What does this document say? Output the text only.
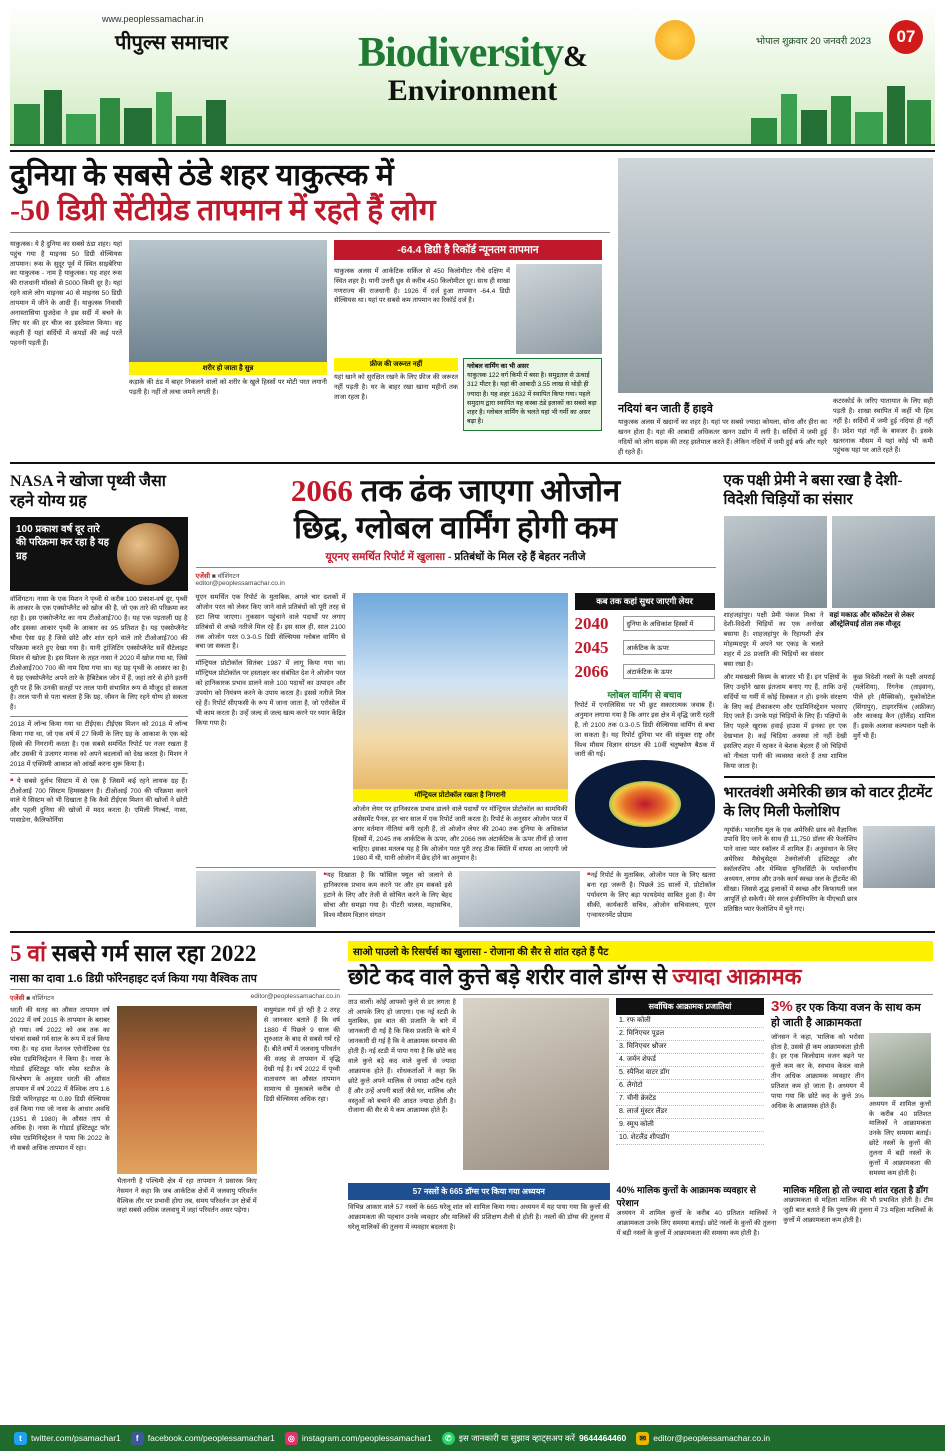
www.peoplessamachar.in
पीपुल्स समाचार	Biodiversity&
Environment
भोपाल शुक्रवार 20 जनवरी 2023	07
दुनिया के सबसे ठंडे शहर याकुत्स्क में
-50 डिग्री सेंटीग्रेड तापमान में रहते हैं लोग
याकुत्स्क। ये है दुनिया का सबसे ठंडा शहर। यहां पहुंच गया है माइनस 50 डिग्री सेल्सियस तापमान। रूस के सुदूर पूर्व में स्थित साइबेरिया का याकुत्स्क - नाम है याकुत्स्क। यह शहर रूस की राजधानी मॉस्को से 5000 किमी दूर है। यहां रहने वाले लोग माइनस 40 से माइनस 50 डिग्री तापमान में जीने के आदी हैं। याकुत्स्क निवासी अनास्तासिया ग्रुजदेवा ने इस सर्दी में बचने के लिए घर की हर चीज का इस्तेमाल किया। वह कहती हैं यहां सर्दियों में कपड़ों की कई परतें पहननी पड़ती हैं।
शरीर हो जाता है सुन्न
कड़ाके की ठंड में बाहर निकलने वालों को शरीर के खुले हिस्सों पर मोटी परत लगानी पड़ती है। नहीं तो त्वचा जमने लगती है।
-64.4 डिग्री है रिकॉर्ड न्यूनतम तापमान
याकुत्स्क अलस में आर्कटिक सर्किल से 450 किलोमीटर नीचे दक्षिण में स्थित शहर है। यानी उत्तरी ध्रुव से करीब 450 किलोमीटर दूर। साथ ही साखा गणराज्य की राजधानी है। 1926 में दर्ज हुआ तापमान -64.4 डिग्री सेल्सियस था। यहां पर सबसे कम तापमान का रिकॉर्ड दर्ज है।
फ्रीज की जरूरत नहीं
यहां खाने को सुरक्षित रखने के लिए फ्रीज की जरूरत नहीं पड़ती है। घर के बाहर रखा खाना महीनों तक ताजा रहता है।
ग्लोबल वार्मिंग का भी असर
याकुत्स्क 122 वर्ग किमी में बसा है। समुद्रतल से ऊंचाई 312 मीटर है। यहां की आबादी 3.55 लाख से थोड़ी ही ज्यादा है। यह शहर 1632 में स्थापित किया गया। पहले समुदाय द्वारा स्थापित यह कस्बा ठंडे इलाकों का सबसे बड़ा शहर है। ग्लोबल वार्मिंग के चलते यहां भी गर्मी का असर बढ़ा है।
नदियां बन जाती हैं हाइवे
याकुत्स्क अलस में खदानों का शहर है। यहां पर सबसे ज्यादा कोयला, सोना और हीरा का खनन होता है। यहां की आबादी अधिकतर खनन उद्योग में लगी है। सर्दियों में जमी हुई नदियों को लोग सड़क की तरह इस्तेमाल करते हैं। लेकिन नदियों में जमी हुई बर्फ और गहरे ही रहते हैं।
कटरकोर्ड के जरिए यातायात के लिए सही पड़ती है। शाखा स्थापित में कहीं भी हिम नहीं है। सर्दियों में जमी हुई नदियां ही नहीं है। प्रदेश यहां नहीं के बावजर है। इसके खतरनाक मौसम में यहां कोई भी कमी पहुंचक यहां पर आते रहते हैं।
NASA ने खोजा पृथ्वी जैसा रहने योग्य ग्रह
100 प्रकाश वर्ष दूर तारे की परिक्रमा कर रहा है यह ग्रह
वॉशिंगटन। नासा के एक मिशन ने पृथ्वी से करीब 100 प्रकाश-वर्ष दूर, पृथ्वी के आकार के एक एक्सोप्लैनेट को खोज की है, जो एक तारे की परिक्रमा कर रहा है। इस एक्सोप्लैनेट का नाम टीओआई700 है। यह एक पड़ताली ग्रह है और इसका आकार पृथ्वी के आकार का 95 प्रतिशत है। यह एक्सोप्लैनेट चौथा ऐसा ग्रह है जिसे छोटे और शांत रहने वाले तारे टीओआई700 की परिक्रमा करते हुए देखा गया है। यानी ट्रांजिटिंग एक्सोप्लैनेट सर्वे सैटेलाइट मिशन से खोजा है। इस मिशन के तहत नासा ने 2020 में खोज गया था, जिसे टीओआई700 700 की नाम दिया गया था। यह ग्रह पृथ्वी के आकार का है। ये ग्रह एक्सोप्लैनेट अपने तारे के हैबिटेबल जोन में हैं, जहां तारे से होने इतनी दूरी पर हैं कि उनकी सतहों पर तरल पानी संभावित रूप से मौजूद हो सकता है। तरल पानी से पता चलता है कि ग्रह, जीवन के लिए रहने योग्य हो सकता है।
2018 में लॉन्च किया गया था टीईएस। टीईएस मिशन को 2018 में लॉन्च किया गया था, जो एक वर्ष में 27 किमी के लिए ग्रह के आकाश के एक बड़े हिस्से की निगरानी करता है। एक सबसे समर्थित रिपोर्ट पर नजर रखता है और उसकी ये उजागर मानक को अपने बदलावों को देख करता है। मिशन ने 2018 में एक्जिमी आकाश को आंखों करना शुरू किया है।
❝ ये सबसे दुर्लभ सिस्टम में से एक है जिसमें कई रहने लायक ग्रह हैं। टीओआई 700 सिस्टम हिमस्खलन है। टीओआई 700 की परिक्रमा करने वाले ये सिस्टम को भी दिखाता है कि कैसे टीईएस मिशन की खोजों ने छोटी और पहली दुनिया की खोजों में मदद करता है। एमिली गिल्बर्ट, नासा, पासाडेना, कैलिफोर्निया
2066 तक ढंक जाएगा ओजोन
छिद्र, ग्लोबल वार्मिंग होगी कम
यूएनए समर्थित रिपोर्ट में खुलासा - प्रतिबंधों के मिल रहे हैं बेहतर नतीजे
एजेंसी ■ वॉशिंगटन
editor@peoplessamachar.co.in
यूएन समर्थित एक रिपोर्ट के मुताबिक, अगले चार दशकों में ओजोन परत को लेकर किए जाने वाले प्रतिबंधों को पूरी तरह से हटा लिया जाएगा। नुकसान पहुंचाने वाले पदार्थों पर लगाए प्रतिबंधों से अच्छे नतीजे मिल रहे हैं। इस साल ही, साल 2100 तक ओजोन परत 0.3-0.5 डिग्री सेल्सियस ग्लोबल वार्मिंग से बचा जा सकता है।
मॉन्ट्रियल प्रोटोकॉल सितंबर 1987 में लागू किया गया था। मॉन्ट्रियल प्रोटोकॉल पर हस्ताक्षर कर संबंधित देश ने ओजोन परत को हानिकारक प्रभाव डालने वाले 100 पदार्थों का उत्पादन और उपयोग को नियंत्रण करने के उपाय करता है। इससे नतीजे मिल रहे हैं। रिपोर्ट सीएफसी के रूप में जाना जाता है, जो एरोसोल में भी काम करता है। उन्हें जल्द से जल्द खत्म करने पर ध्यान केंद्रित किया गया है।
मॉन्ट्रियल प्रोटोकॉल रखता है निगरानी
ओजोन लेयर पर हानिकारक प्रभाव डालने वाले पदार्थों पर मॉन्ट्रियल प्रोटोकॉल का सामयिकी असेसमेंट पैनल, हर चार साल में एक रिपोर्ट जारी करता है। रिपोर्ट के अनुसार ओजोन परत में अगर वर्तमान नीतियां बनी रहती हैं, तो ओजोन लेयर की 2040 तक दुनिया के अधिकांश हिस्सों में, 2045 तक आर्कटिक के ऊपर, और 2066 तक अंटार्कटिक के ऊपर तीनों हो जाना चाहिए। इसका मतलब यह है कि ओजोन परत पूरी तरह ठीक स्थिति में वापस आ जाएगी जो 1980 में थी, यानी ओजोन में छेद होने का अनुमान है।
कब तक कहां सुधर जाएगी लेयर
2040	दुनिया के अधिकांश हिस्सों में
2045	आर्कटिक के ऊपर
2066	अंटार्कटिक के ऊपर
ग्लोबल वार्मिंग से बचाव
रिपोर्ट में एनालिसिस पर भी छुट सकारात्मक जवाब हैं। अनुमान लगाया गया है कि अगर इस क्षेत्र में वृद्धि जारी रहती है, तो 2100 तक 0.3-0.5 डिग्री सेल्सियस वार्मिंग से बचा जा सकता है। यह रिपोर्ट दुनिया भर की संयुक्त राष्ट्र और विश्व मौसम विज्ञान संगठन की 10वीं चतुष्कोण बैठक में जारी की गई।
❝यह दिखाता है कि फॉसिल फ्यूल को जलाने से हानिकारक प्रभाव कम करने पर और हम सबको इसे हटाने के लिए और तेजी से सोचित करने के लिए बेहद सोचा और समझा गया है। पीटरी थालस, महासचिव, विश्व मौसम विज्ञान संगठन
❝नई रिपोर्ट के मुताबिक, ओजोन परत के लिए खतरा बना रहा जरूरी है। पिछले 35 सालों में, प्रोटोकॉल पर्यावरण के लिए बड़ा फायदेमंद साबित हुआ है। मेग सीकी, कार्यकारी सचिव, ओजोन सचिवालय, यूएन एन्वायरनमेंट प्रोग्राम
एक पक्षी प्रेमी ने बसा रखा है देशी-विदेशी चिड़ियों का संसार
शाहजहांपुर। पक्षी प्रेमी पंकज मिश्रा ने देशी-विदेशी चिड़ियों का एक अनोखा बसाया है। शाहजहांपुर के रिहायशी क्षेत्र मोहम्मदपुर में अपने घर एकड़ के चलते शहर में 28 प्रजाति की चिड़ियों का संसार बसा रखा है।
वहां मकाऊ और कॉकटेल से लेकर ऑस्ट्रेलियाई तोता तक मौजूद
और मसखली किस्म के बाजार भी हैं। इन पक्षियों के लिए उन्होंने खास इंतजाम बनाए गए हैं, ताकि उन्हें सर्दियों या गर्मी में कोई दिक्कत न हो। इनके संरक्षण के लिए कई टीकाकरण और एडमिनिस्ट्रेशन भरवाए दिए जाते हैं। उनके यहां चिड़ियों के लिए हैं। पक्षियों के लिए पहले खुराक हवाई हाउस में इनका हर एक देखभाल है। कई चिड़िया अवस्था तो नहीं देखी इसलिए शहर में रहकर वे बेशक बेहतर हैं जो चिड़ियों को नीचता पानी की व्यवस्था करते हैं तथा शामिल किया जाता है।
कुछ विदेशी नस्लों के पक्षी अमराई (मलेशिया), रिंगनेक (ताइवान), पीले हरे (मैक्सिको), यूकोकोटेल (सिंगापुर), टाइगरफिंच (अफ्रीका) और काकाइ कैन (हॉलैंड) शामिल हैं। इसके अलावा कल्पवान पक्षी के मुर्गे भी हैं।
भारतवंशी अमेरिकी छात्र को वाटर ट्रीटमेंट के लिए मिली फेलोशिप
न्यूयॉर्क। भारतीय मूल के एक अमेरिकी छात्र को वैज्ञानिक उपाधि दिए जाने के साथ ही 11,750 डॉलर की फेलोशिप पाने वाला प्यार स्कॉलर में शामिल हैं। अनुसंधान के लिए अमेरिका मैसेचुसेट्स टेक्नोलॉजी इंस्टिट्यूट और स्कॉलरशिप और मेम्फिस यूनिवर्सिटी के पर्यावरणीय अध्ययन, लगाव और उनके कार्य स्वच्छ जल के ट्रीटमेंट की सीखा। जिससे शुद्ध इलाकों में स्वच्छ और किफायती जल आपूर्ति हो सकेगी। मेरे सरल इंजीनियरिंग के पीएचडी छात्र प्रतिष्ठित प्यार फेलोशिप में चुने गए।
5 वां सबसे गर्म साल रहा 2022
नासा का दावा 1.6 डिग्री फॉरेनहाइट दर्ज किया गया वैश्विक ताप
एजेंसी ■ वॉशिंगटन	editor@peoplessamachar.co.in
धरती की सतह का औसत तापमान वर्ष 2022 में वर्ष 2015 के तापमान के बराबर हो गया। वर्ष 2022 को अब तक का पांचवां सबसे गर्म साल के रूप में दर्ज किया गया है। यह दावा नेशनल एरोनॉटिक्स एंड स्पेस एडमिनिस्ट्रेशन ने किया है। नासा के गोडार्ड इंस्टिट्यूट फॉर स्पेस स्टडीज के विश्लेषण के अनुसार धरती की औसत तापमान में वर्ष 2022 में वैश्विक ताप 1.6 डिग्री फॉरेनहाइट या 0.89 डिग्री सेल्सियस दर्ज किया गया जो नासा के आधार अवधि (1951 से 1980) के औसत ताप से अधिक है। नासा के गोडार्ड इंस्टिट्यूट फॉर स्पेस एडमिनिस्ट्रेशन ने पाया कि 2022 के नौ सबसे अधिक तापमान में रहा।
भैतानगी है पश्चिमी क्षेत्र में रहा तापमान ने प्रसारक किए नेसमन ने कहा कि जब आर्कटिक क्षेत्रों में जलवायु परिवर्तन वैश्विक तौर पर प्रभावी होगा तब, समय परिवर्तन उन क्षेत्रों में जहां सबसे अधिक जलवायु में जहां परिवर्तन असर पड़ेगा।
वायुमंडल गर्म हो रही है 2 तरह से जानकार बताते हैं कि वर्ष 1880 में पिछले 9 साल की शुरुआत के बाद से सबसे गर्म रहे हैं। बीते वर्षों में जलवायु परिवर्तन की वजह से तापमान में वृद्धि देखी गई है। वर्ष 2022 में पृथ्वी वातावरण का औसत तापमान सामान्य से मुकाबले करीब दो डिग्री सेल्सियस अधिक रहा।
साओ पाउलो के रिसर्चर्स का खुलासा - रोजाना की सैर से शांत रहते हैं पैट
छोटे कद वाले कुत्ते बड़े शरीर वाले डॉग्स से ज्यादा आक्रामक
ताउ वालों। कोई आपको कुत्ते से डर लगता है तो आपके लिए हो जाएगा। एक नई स्टडी के मुताबिक, इस बात की प्रजाति के बारे में जानकारी दी गई है कि किस प्रजाति के बारे में जानकारी दी गई है कि वे आक्रामक स्वभाव की होती हैं। नई स्टडी में पाया गया है कि छोटे कद वाले कुत्ते बड़े कद वाले कुत्तों से ज्यादा आक्रामक होते हैं। शोधकर्ताओं ने कहा कि छोटे कुत्ते अपने मालिक से ज्यादा अटैच रहते हैं और उन्हें अपनी बातों जैसे घर, मालिक और वस्तुओं को बचाने की आदत ज्यादा होती है। रोजाना की सैर से ये कम आक्रामक होते हैं।
सर्वाधिक आक्रामक प्रजातियां
1. रफ कोली
2. मिनिएचर पूडल
3. मिनिएचर श्नौजर
4. जर्मन शेफर्ड
5. स्पैनिश वाटर डॉग
6. लैगोटो
7. चीनी क्रेस्टेड
8. लार्ज मुंस्टर लैंडर
9. स्मूथ कोली
10. शेटलैंड शीपडॉग
3% हर एक किया वजन के साथ कम हो जाती है आक्रामकता
जॉनसन ने कहा, 'मालिक को भरोसा होता है, उससे ही कम आक्रामकता होती है। हर एक किलोग्राम वजन बढ़ने पर कुत्ते कम कर के, स्वभाव केवल वाले तीन अधिक आक्रामक व्यवहार तीन प्रतिशत कम हो जाता है। अध्ययन में पाया गया कि छोटे कद के कुत्ते 3% अधिक के आक्रामक होते हैं।	अध्ययन में शामिल कुत्तों के करीब 40 प्रतिशत मालिकों ने आक्रामकता उनके लिए समस्या बताई। छोटे नस्लों के कुत्तों की तुलना में बड़ी नस्लों के कुत्तों में आक्रामकता की समस्या कम होती है।
57 नस्लों के 665 डॉग्स पर किया गया अध्ययन
विभिन्न आकार वाले 57 नस्लों के 665 घरेलू शांत को शामिल किया गया। अध्ययन में यह पाया गया कि कुत्तों की आक्रामकता की पहचान उनके व्यवहार और मालिकों की प्रशिक्षण शैली से होती है। नस्लों की डॉग्स की तुलना में घरेलू मालिकों की तुलना में व्यवहार बदलता है।
40% मालिक कुत्तों के आक्रामक व्यवहार से परेशान
अध्ययन में शामिल कुत्तों के करीब 40 प्रतिशत मालिकों ने आक्रामकता उनके लिए समस्या बताई। छोटे नस्लों के कुत्तों की तुलना में बड़ी नस्लों के कुत्तों में आक्रामकता की समस्या कम होती है।
मालिक महिला हो तो ज्यादा शांत रहता है डॉग
आक्रामकता से महिला मालिक की भी प्रभावित होती है। टीम जुड़ी बात बताते हैं कि पुरुष की तुलना में 73 महिला मालिकों के कुत्तों में आक्रामकता कम होती है।
t	twitter.com/psamachar1	f	facebook.com/peoplessamachar1	◎ instagram.com/peoplessamachar1	✆ इस जानकारी या सुझाव व्हाट्सअप करें 9644464460	✉ editor@peoplessamachar.co.in
